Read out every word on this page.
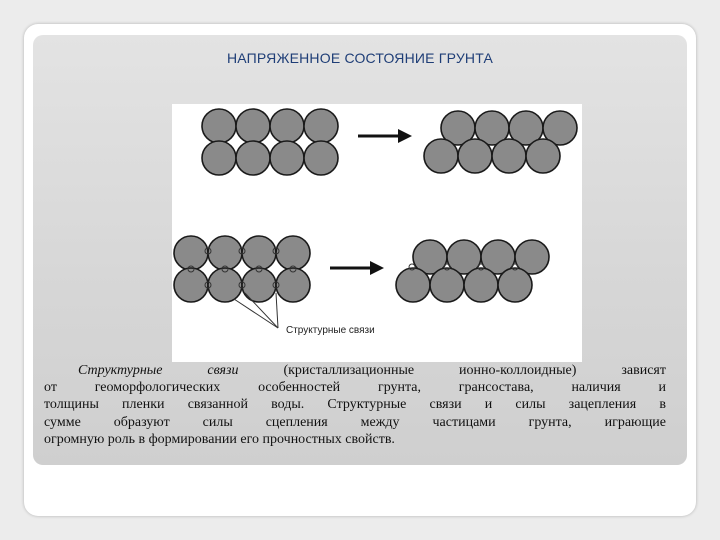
НАПРЯЖЕННОЕ СОСТОЯНИЕ ГРУНТА
Структурные связи
Структурные связи (кристаллизационные ионно-коллоидные) зависят
от геоморфологических особенностей грунта, грансостава, наличия и
толщины пленки связанной воды. Структурные связи и силы зацепления в
сумме образуют силы сцепления между частицами грунта, играющие
огромную роль в формировании его прочностных свойств.
